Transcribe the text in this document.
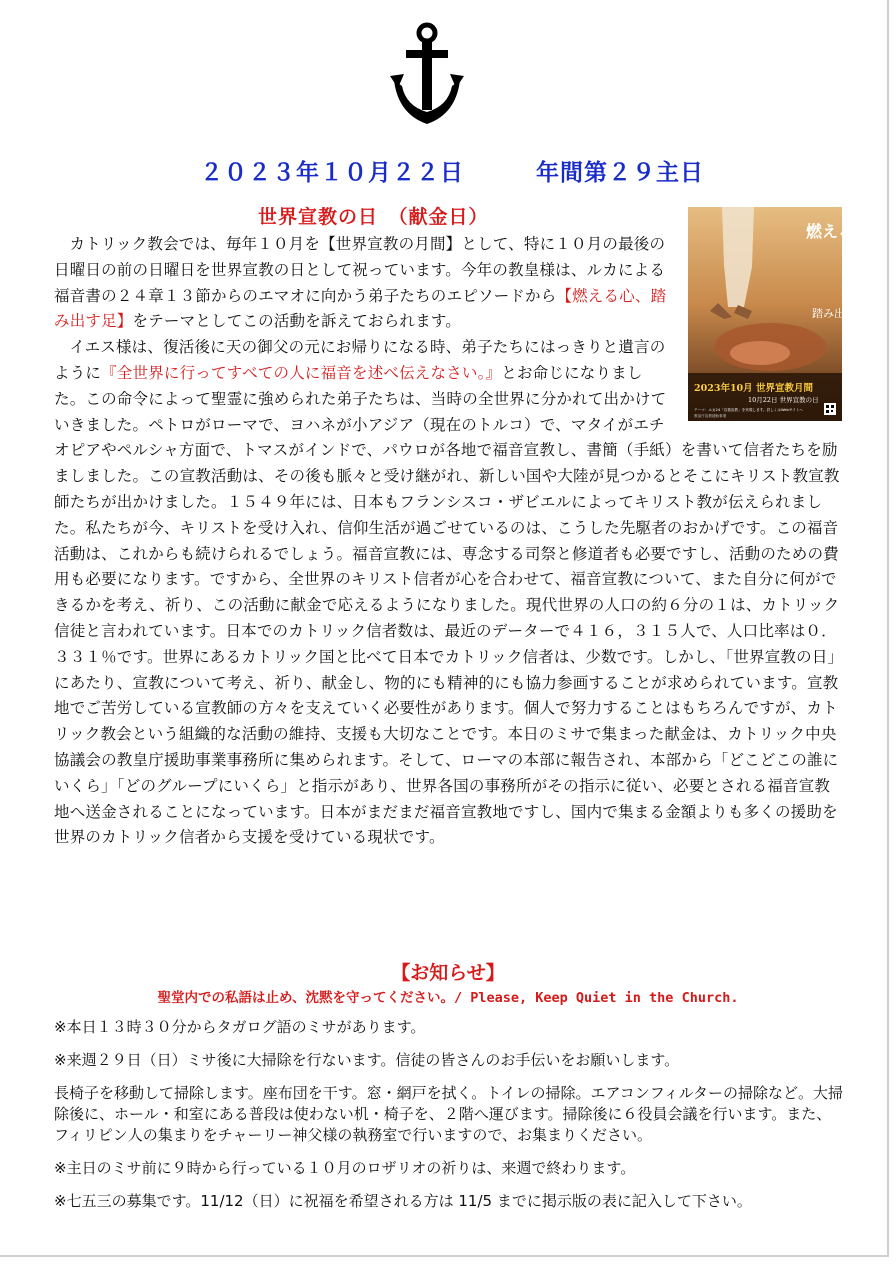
２０２３年１０月２２日	年間第２９主日
世界宣教の日　（献金日）
燃える心、
踏み出す足
2023年10月 世界宣教月間
10月22日 世界宣教の日
テーマ：ルカ24「自我宣教」を実現します。詳しくはWebサイトへ
教皇庁宣教援助事業

カトリック教会では、毎年１０月を【世界宣教の月間】として、特に１０月の最後の日曜日の前の日曜日を世界宣教の日として祝っています。今年の教皇様は、ルカによる福音書の２４章１３節からのエマオに向かう弟子たちのエピソードから【燃える心、踏み出す足】をテーマとしてこの活動を訴えておられます。

イエス様は、復活後に天の御父の元にお帰りになる時、弟子たちにはっきりと遺言のように『全世界に行ってすべての人に福音を述べ伝えなさい。』とお命じになりました。この命令によって聖霊に強められた弟子たちは、当時の全世界に分かれて出かけていきました。ペトロがローマで、ヨハネが小アジア（現在のトルコ）で、マタイがエチオピアやペルシャ方面で、トマスがインドで、パウロが各地で福音宣教し、書簡（手紙）を書いて信者たちを励ましました。この宣教活動は、その後も脈々と受け継がれ、新しい国や大陸が見つかるとそこにキリスト教宣教師たちが出かけました。１５４９年には、日本もフランシスコ・ザビエルによってキリスト教が伝えられました。私たちが今、キリストを受け入れ、信仰生活が過ごせているのは、こうした先駆者のおかげです。この福音活動は、これからも続けられるでしょう。福音宣教には、専念する司祭と修道者も必要ですし、活動のための費用も必要になります。ですから、全世界のキリスト信者が心を合わせて、福音宣教について、また自分に何ができるかを考え、祈り、この活動に献金で応えるようになりました。現代世界の人口の約６分の１は、カトリック信徒と言われています。日本でのカトリック信者数は、最近のデーターで４１６，３１５人で、人口比率は０．３３１％です。世界にあるカトリック国と比べて日本でカトリック信者は、少数です。しかし、「世界宣教の日」にあたり、宣教について考え、祈り、献金し、物的にも精神的にも協力参画することが求められています。宣教地でご苦労している宣教師の方々を支えていく必要性があります。個人で努力することはもちろんですが、カトリック教会という組織的な活動の維持、支援も大切なことです。本日のミサで集まった献金は、カトリック中央協議会の教皇庁援助事業事務所に集められます。そして、ローマの本部に報告され、本部から「どこどこの誰にいくら」「どのグループにいくら」と指示があり、世界各国の事務所がその指示に従い、必要とされる福音宣教地へ送金されることになっています。日本がまだまだ福音宣教地ですし、国内で集まる金額よりも多くの援助を世界のカトリック信者から支援を受けている現状です。

【お知らせ】
聖堂内での私語は止め、沈黙を守ってください。/ Please, Keep Quiet in the Church.

※本日１３時３０分からタガログ語のミサがあります。

※来週２９日（日）ミサ後に大掃除を行ないます。信徒の皆さんのお手伝いをお願いします。

長椅子を移動して掃除します。座布団を干す。窓・網戸を拭く。トイレの掃除。エアコンフィルターの掃除など。大掃除後に、ホール・和室にある普段は使わない机・椅子を、２階へ運びます。掃除後に６役員会議を行います。また、フィリピン人の集まりをチャーリー神父様の執務室で行いますので、お集まりください。

※主日のミサ前に９時から行っている１０月のロザリオの祈りは、来週で終わります。

※七五三の募集です。11/12（日）に祝福を希望される方は 11/5 までに掲示版の表に記入して下さい。
